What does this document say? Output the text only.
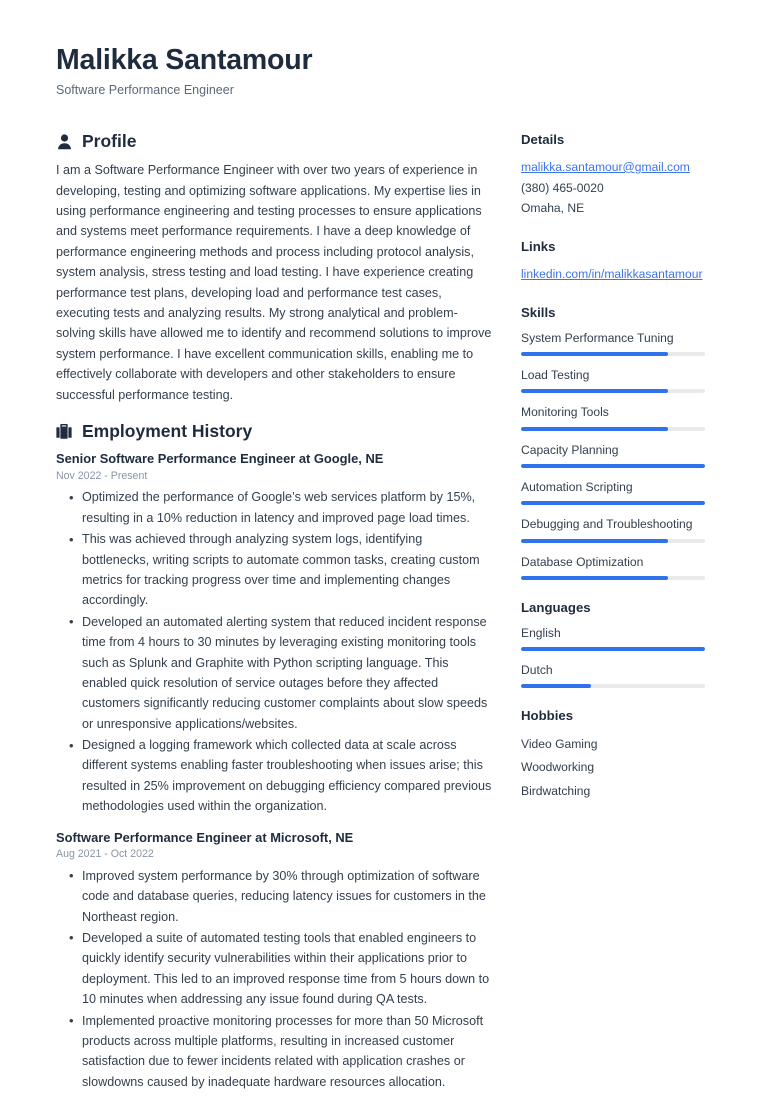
Malikka Santamour
Software Performance Engineer
Profile
I am a Software Performance Engineer with over two years of experience in developing, testing and optimizing software applications. My expertise lies in using performance engineering and testing processes to ensure applications and systems meet performance requirements. I have a deep knowledge of performance engineering methods and process including protocol analysis, system analysis, stress testing and load testing. I have experience creating performance test plans, developing load and performance test cases, executing tests and analyzing results. My strong analytical and problem-solving skills have allowed me to identify and recommend solutions to improve system performance. I have excellent communication skills, enabling me to effectively collaborate with developers and other stakeholders to ensure successful performance testing.
Employment History
Senior Software Performance Engineer at Google, NE
Nov 2022 - Present
• Optimized the performance of Google’s web services platform by 15%, resulting in a 10% reduction in latency and improved page load times.
• This was achieved through analyzing system logs, identifying bottlenecks, writing scripts to automate common tasks, creating custom metrics for tracking progress over time and implementing changes accordingly.
• Developed an automated alerting system that reduced incident response time from 4 hours to 30 minutes by leveraging existing monitoring tools such as Splunk and Graphite with Python scripting language. This enabled quick resolution of service outages before they affected customers significantly reducing customer complaints about slow speeds or unresponsive applications/websites.
• Designed a logging framework which collected data at scale across different systems enabling faster troubleshooting when issues arise; this resulted in 25% improvement on debugging efficiency compared previous methodologies used within the organization.
Software Performance Engineer at Microsoft, NE
Aug 2021 - Oct 2022
• Improved system performance by 30% through optimization of software code and database queries, reducing latency issues for customers in the Northeast region.
• Developed a suite of automated testing tools that enabled engineers to quickly identify security vulnerabilities within their applications prior to deployment. This led to an improved response time from 5 hours down to 10 minutes when addressing any issue found during QA tests.
• Implemented proactive monitoring processes for more than 50 Microsoft products across multiple platforms, resulting in increased customer satisfaction due to fewer incidents related with application crashes or slowdowns caused by inadequate hardware resources allocation.
Details
malikka.santamour@gmail.com
(380) 465-0020
Omaha, NE
Links
linkedin.com/in/malikkasantamour
Skills
System Performance Tuning
Load Testing
Monitoring Tools
Capacity Planning
Automation Scripting
Debugging and Troubleshooting
Database Optimization
Languages
English
Dutch
Hobbies
Video Gaming
Woodworking
Birdwatching
